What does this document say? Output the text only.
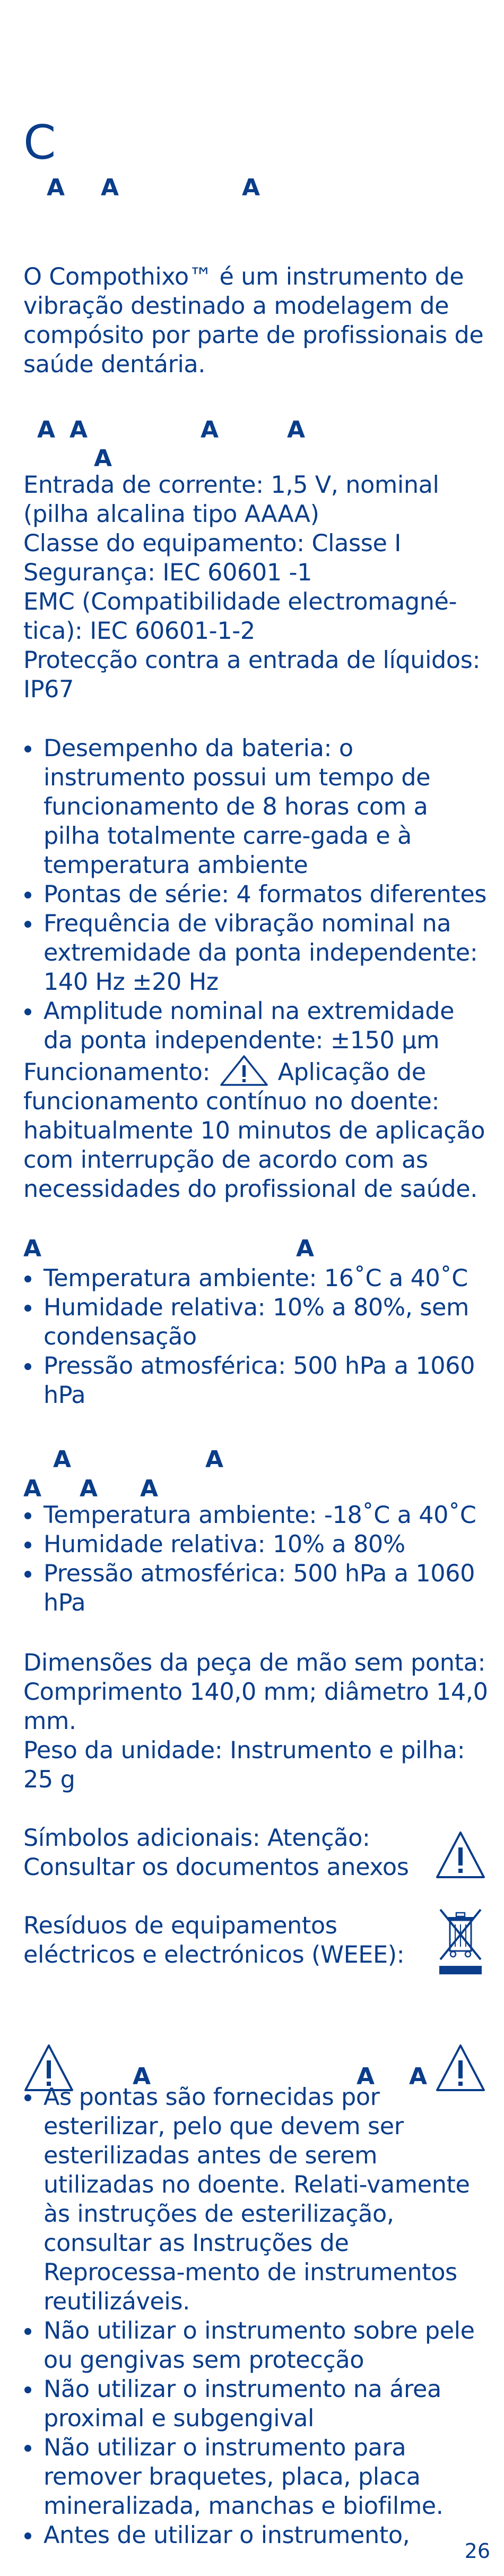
C
A A	A
O Compothixo™ é um instrumento de vibração destinado a modelagem de compósito por parte de profissionais de saúde dentária.
A A	A	A
A
Entrada de corrente: 1,5 V, nominal
(pilha alcalina tipo AAAA)
Classe do equipamento: Classe I
Segurança: IEC 60601 -1
EMC (Compatibilidade electromagné-
tica): IEC 60601-1-2
Protecção contra a entrada de líquidos:
IP67
Desempenho da bateria: o instrumento possui um tempo de funcionamento de 8 horas com a pilha totalmente carre-gada e à temperatura ambiente
Pontas de série: 4 formatos diferentes
Frequência de vibração nominal na extremidade da ponta independente: 140 Hz ±20 Hz
Amplitude nominal na extremidade da ponta independente: ±150 µm
Funcionamento:	Aplicação de
funcionamento contínuo no doente: habitualmente 10 minutos de aplicação com interrupção de acordo com as necessidades do profissional de saúde.
A	A
Temperatura ambiente: 16˚C a 40˚C
Humidade relativa: 10% a 80%, sem condensação
Pressão atmosférica: 500 hPa a 1060 hPa
A	A
A A A
Temperatura ambiente: -18˚C a 40˚C
Humidade relativa: 10% a 80%
Pressão atmosférica: 500 hPa a 1060 hPa
Dimensões da peça de mão sem ponta: Comprimento 140,0 mm; diâmetro 14,0 mm.
Peso da unidade: Instrumento e pilha: 25 g
Símbolos adicionais: Atenção: Consultar os documentos anexos
Resíduos de equipamentos eléctricos e electrónicos (WEEE):
A	A A
As pontas são fornecidas por esterilizar, pelo que devem ser esterilizadas antes de serem utilizadas no doente. Relati-vamente às instruções de esterilização, consultar as Instruções de Reprocessa-mento de instrumentos reutilizáveis.
Não utilizar o instrumento sobre pele ou gengivas sem protecção
Não utilizar o instrumento na área proximal e subgengival
Não utilizar o instrumento para remover braquetes, placa, placa mineralizada, manchas e biofilme.
Antes de utilizar o instrumento,
26
